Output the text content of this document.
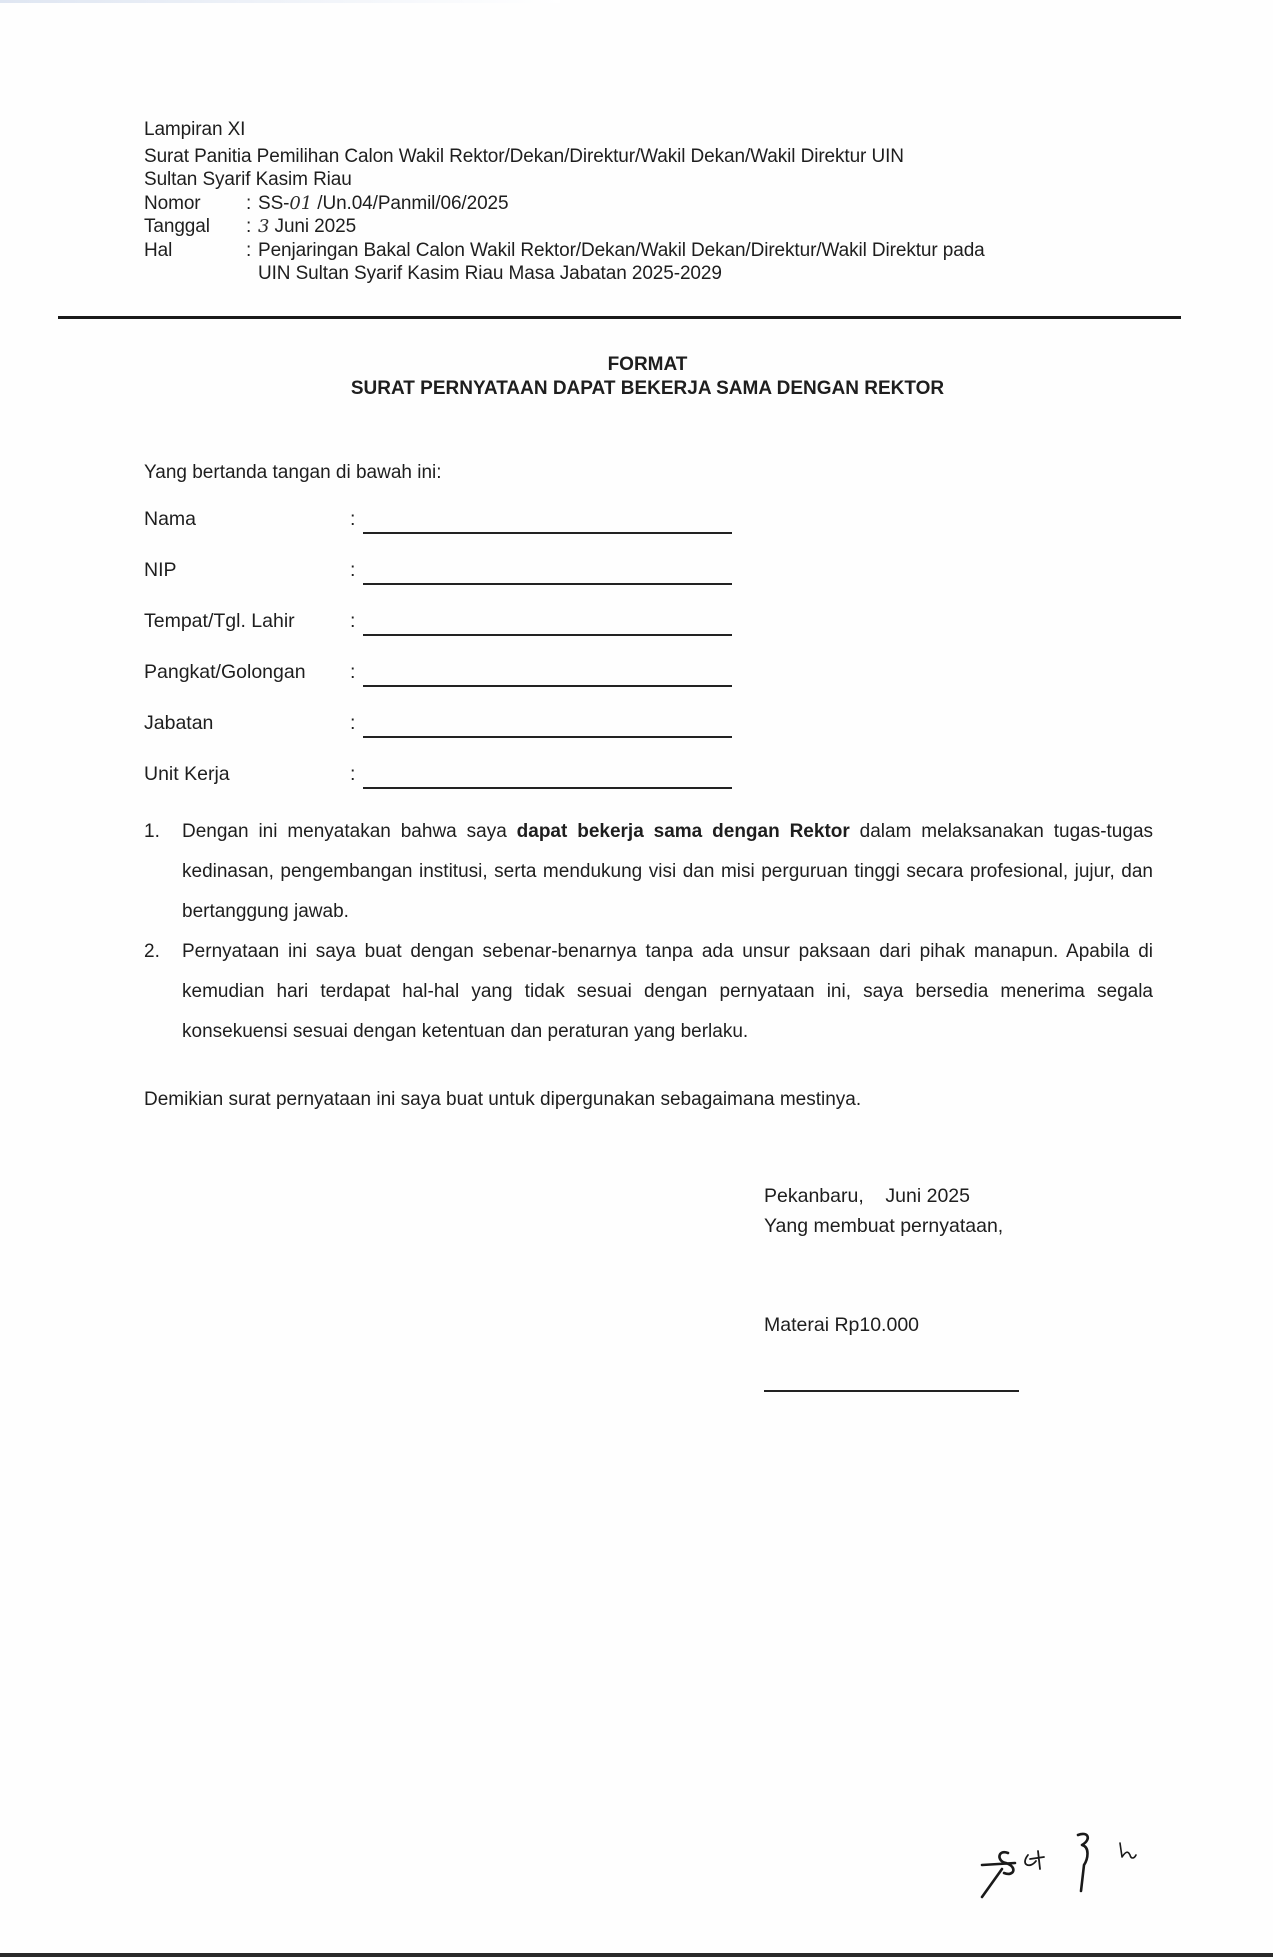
Lampiran XI
Surat Panitia Pemilihan Calon Wakil Rektor/Dekan/Direktur/Wakil Dekan/Wakil Direktur UIN
Sultan Syarif Kasim Riau
Nomor	: SS-01 /Un.04/Panmil/06/2025
Tanggal	: 3 Juni 2025
Hal	: Penjaringan Bakal Calon Wakil Rektor/Dekan/Wakil Dekan/Direktur/Wakil Direktur pada
UIN Sultan Syarif Kasim Riau Masa Jabatan 2025-2029
FORMAT
SURAT PERNYATAAN DAPAT BEKERJA SAMA DENGAN REKTOR
Yang bertanda tangan di bawah ini:
Nama	:
NIP	:
Tempat/Tgl. Lahir	:
Pangkat/Golongan :
Jabatan	:
Unit Kerja	:
1.	Dengan ini menyatakan bahwa saya dapat bekerja sama dengan Rektor dalam melaksanakan tugas-tugas kedinasan, pengembangan institusi, serta mendukung visi dan misi perguruan tinggi secara profesional, jujur, dan bertanggung jawab.
2.	Pernyataan ini saya buat dengan sebenar-benarnya tanpa ada unsur paksaan dari pihak manapun. Apabila di kemudian hari terdapat hal-hal yang tidak sesuai dengan pernyataan ini, saya bersedia menerima segala konsekuensi sesuai dengan ketentuan dan peraturan yang berlaku.
Demikian surat pernyataan ini saya buat untuk dipergunakan sebagaimana mestinya.
Pekanbaru,    Juni 2025
Yang membuat pernyataan,
Materai Rp10.000
